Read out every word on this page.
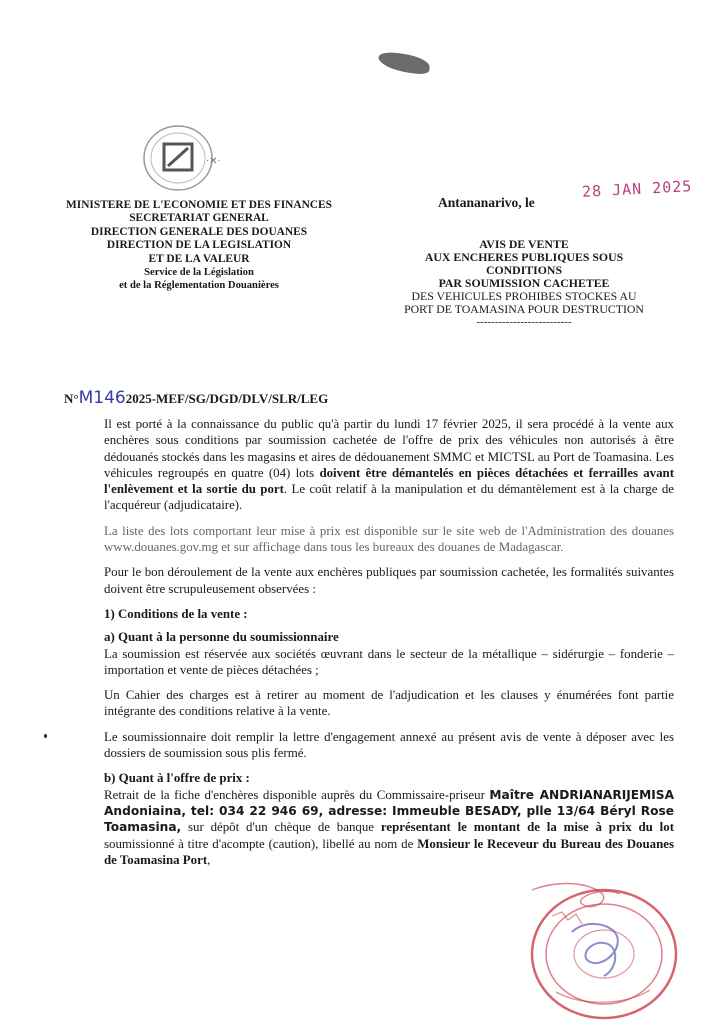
·✕·
MINISTERE DE L'ECONOMIE ET DES FINANCES
SECRETARIAT GENERAL
DIRECTION GENERALE DES DOUANES
DIRECTION DE LA LEGISLATION
ET DE LA VALEUR
Service de la Législation
et de la Réglementation Douanières
Antananarivo, le
28 JAN 2025
AVIS DE VENTE
AUX ENCHERES PUBLIQUES SOUS
CONDITIONS
PAR SOUMISSION CACHETEE
DES VEHICULES PROHIBES STOCKES AU
PORT DE TOAMASINA POUR DESTRUCTION
--------------------------
N°M1462025-MEF/SG/DGD/DLV/SLR/LEG

Il est porté à la connaissance du public qu'à partir du lundi 17 février 2025, il sera procédé à la vente aux enchères sous conditions par soumission cachetée de l'offre de prix des véhicules non autorisés à être dédouanés stockés dans les magasins et aires de dédouanement SMMC et MICTSL au Port de Toamasina. Les véhicules regroupés en quatre (04) lots doivent être démantelés en pièces détachées et ferrailles avant l'enlèvement et la sortie du port. Le coût relatif à la manipulation et du démantèlement est à la charge de l'acquéreur (adjudicataire).

La liste des lots comportant leur mise à prix est disponible sur le site web de l'Administration des douanes www.douanes.gov.mg et sur affichage dans tous les bureaux des douanes de Madagascar.

Pour le bon déroulement de la vente aux enchères publiques par soumission cachetée, les formalités suivantes doivent être scrupuleusement observées :

1) Conditions de la vente :

a) Quant à la personne du soumissionnaire

La soumission est réservée aux sociétés œuvrant dans le secteur de la métallique – sidérurgie – fonderie – importation et vente de pièces détachées ;

Un Cahier des charges est à retirer au moment de l'adjudication et les clauses y énumérées font partie intégrante des conditions relative à la vente.

Le soumissionnaire doit remplir la lettre d'engagement annexé au présent avis de vente à déposer avec les dossiers de soumission sous plis fermé.

b) Quant à l'offre de prix :

Retrait de la fiche d'enchères disponible auprès du Commissaire-priseur Maître ANDRIANARIJEMISA Andoniaina, tel: 034 22 946 69, adresse: Immeuble BESADY, plle 13/64 Béryl Rose Toamasina, sur dépôt d'un chèque de banque représentant le montant de la mise à prix du lot soumissionné à titre d'acompte (caution), libellé au nom de Monsieur le Receveur du Bureau des Douanes de Toamasina Port,
